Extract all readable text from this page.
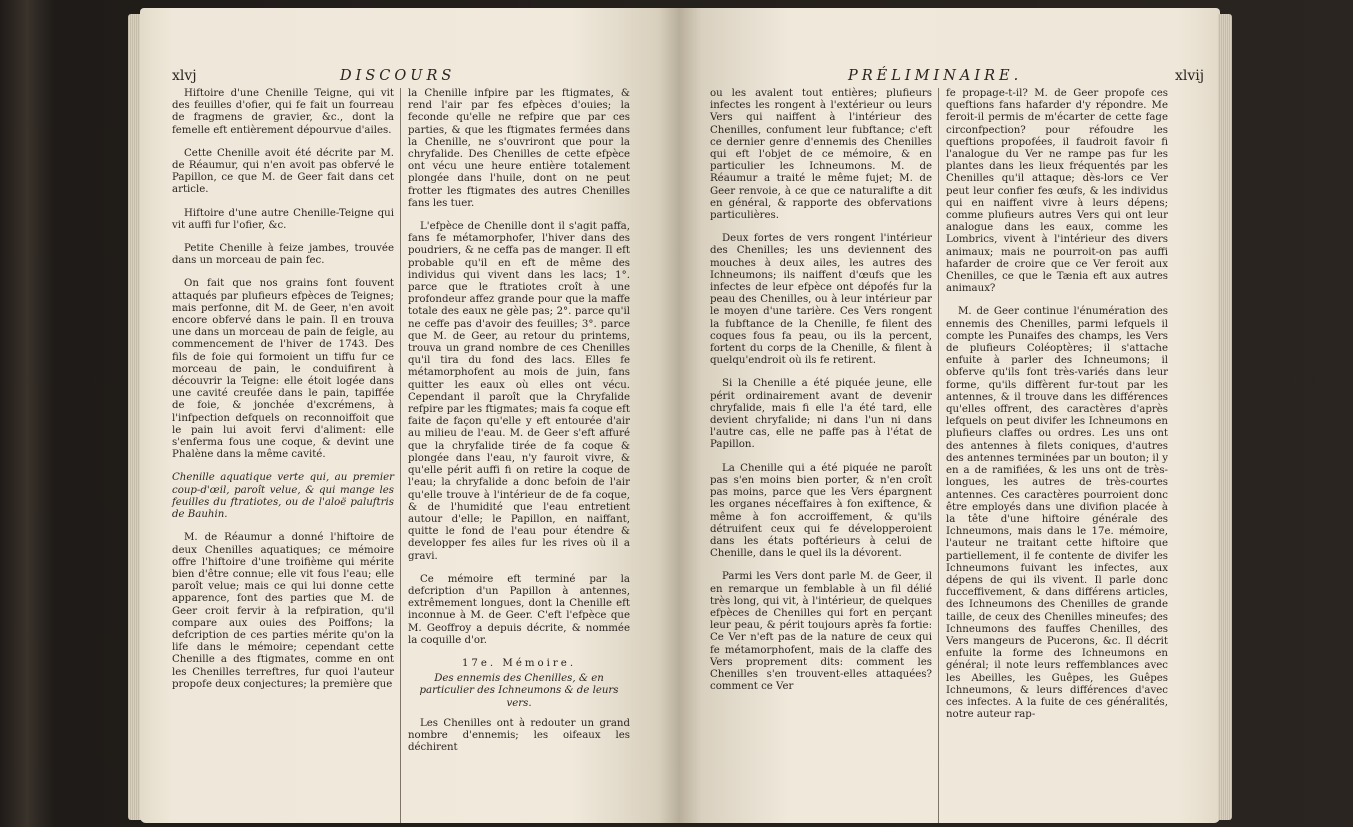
xlvj	DISCOURS

Hiftoire d'une Chenille Teigne, qui vit des feuilles d'ofier, qui fe fait un fourreau de fragmens de gravier, &c., dont la femelle eft entièrement dépourvue d'ailes.

Cette Chenille avoit été décrite par M. de Réaumur, qui n'en avoit pas obfervé le Papillon, ce que M. de Geer fait dans cet article.

Hiftoire d'une autre Chenille-Teigne qui vit auffi fur l'ofier, &c.

Petite Chenille à feize jambes, trouvée dans un morceau de pain fec.

On fait que nos grains font fouvent attaqués par plufieurs efpèces de Teignes; mais perfonne, dit M. de Geer, n'en avoit encore obfervé dans le pain. Il en trouva une dans un morceau de pain de feigle, au commencement de l'hiver de 1743. Des fils de foie qui formoient un tiffu fur ce morceau de pain, le conduifirent à découvrir la Teigne: elle étoit logée dans une cavité creufée dans le pain, tapiffée de foie, & jonchée d'excrémens, à l'infpection defquels on reconnoiffoit que le pain lui avoit fervi d'aliment: elle s'enferma fous une coque, & devint une Phalène dans la même cavité.

Chenille aquatique verte qui, au premier coup-d'œil, paroît velue, & qui mange les feuilles du ftratiotes, ou de l'aloë paluftris de Bauhin.

M. de Réaumur a donné l'hiftoire de deux Chenilles aquatiques; ce mémoire offre l'hiftoire d'une troifième qui mérite bien d'être connue; elle vit fous l'eau; elle paroît velue; mais ce qui lui donne cette apparence, font des parties que M. de Geer croit fervir à la refpiration, qu'il compare aux ouies des Poiffons; la defcription de ces parties mérite qu'on la life dans le mémoire; cependant cette Chenille a des ftigmates, comme en ont les Chenilles terreftres, fur quoi l'auteur propofe deux conjectures; la première que

la Chenille infpire par les ftigmates, & rend l'air par fes efpèces d'ouies; la feconde qu'elle ne refpire que par ces parties, & que les ftigmates fermées dans la Chenille, ne s'ouvriront que pour la chryfalide. Des Chenilles de cette efpèce ont vécu une heure entière totalement plongée dans l'huile, dont on ne peut frotter les ftigmates des autres Chenilles fans les tuer.

L'efpèce de Chenille dont il s'agit paffa, fans fe métamorphofer, l'hiver dans des poudriers, & ne ceffa pas de manger. Il eft probable qu'il en eft de même des individus qui vivent dans les lacs; 1°. parce que le ftratiotes croît à une profondeur affez grande pour que la maffe totale des eaux ne gèle pas; 2°. parce qu'il ne ceffe pas d'avoir des feuilles; 3°. parce que M. de Geer, au retour du printems, trouva un grand nombre de ces Chenilles qu'il tira du fond des lacs. Elles fe métamorphofent au mois de juin, fans quitter les eaux où elles ont vécu. Cependant il paroît que la Chryfalide refpire par les ftigmates; mais fa coque eft faite de façon qu'elle y eft entourée d'air au milieu de l'eau. M. de Geer s'eft affuré que la chryfalide tirée de fa coque & plongée dans l'eau, n'y fauroit vivre, & qu'elle périt auffi fi on retire la coque de l'eau; la chryfalide a donc befoin de l'air qu'elle trouve à l'intérieur de de fa coque, & de l'humidité que l'eau entretient autour d'elle; le Papillon, en naiffant, quitte le fond de l'eau pour étendre & developper fes ailes fur les rives où il a gravi.

Ce mémoire eft terminé par la defcription d'un Papillon à antennes, extrêmement longues, dont la Chenille eft inconnue à M. de Geer. C'eft l'efpèce que M. Geoffroy a depuis décrite, & nommée la coquille d'or.

17e. Mémoire.

Des ennemis des Chenilles, & en particulier des Ichneumons & de leurs vers.

Les Chenilles ont à redouter un grand nombre d'ennemis; les oifeaux les déchirent

PRÉLIMINAIRE.	xlvij

ou les avalent tout entières; plufieurs infectes les rongent à l'extérieur ou leurs Vers qui naiffent à l'intérieur des Chenilles, confument leur fubftance; c'eft ce dernier genre d'ennemis des Chenilles qui eft l'objet de ce mémoire, & en particulier les Ichneumons. M. de Réaumur a traité le même fujet; M. de Geer renvoie, à ce que ce naturalifte a dit en général, & rapporte des obfervations particulières.

Deux fortes de vers rongent l'intérieur des Chenilles; les uns deviennent des mouches à deux ailes, les autres des Ichneumons; ils naiffent d'œufs que les infectes de leur efpèce ont dépofés fur la peau des Chenilles, ou à leur intérieur par le moyen d'une tarière. Ces Vers rongent la fubftance de la Chenille, fe filent des coques fous fa peau, ou ils la percent, fortent du corps de la Chenille, & filent à quelqu'endroit où ils fe retirent.

Si la Chenille a été piquée jeune, elle périt ordinairement avant de devenir chryfalide, mais fi elle l'a été tard, elle devient chryfalide; ni dans l'un ni dans l'autre cas, elle ne paffe pas à l'état de Papillon.

La Chenille qui a été piquée ne paroît pas s'en moins bien porter, & n'en croît pas moins, parce que les Vers épargnent les organes néceffaires à fon exiftence, & même à fon accroiffement, & qu'ils détruifent ceux qui fe développeroient dans les états poftérieurs à celui de Chenille, dans le quel ils la dévorent.

Parmi les Vers dont parle M. de Geer, il en remarque un femblable à un fil délié très long, qui vit, à l'intérieur, de quelques efpèces de Chenilles qui fort en perçant leur peau, & périt toujours après fa fortie: Ce Ver n'eft pas de la nature de ceux qui fe métamorphofent, mais de la claffe des Vers proprement dits: comment les Chenilles s'en trouvent-elles attaquées? comment ce Ver

fe propage-t-il? M. de Geer propofe ces queftions fans hafarder d'y répondre. Me feroit-il permis de m'écarter de cette fage circonfpection? pour réfoudre les queftions propofées, il faudroit favoir fi l'analogue du Ver ne rampe pas fur les plantes dans les lieux fréquentés par les Chenilles qu'il attaque; dès-lors ce Ver peut leur confier fes œufs, & les individus qui en naiffent vivre à leurs dépens; comme plufieurs autres Vers qui ont leur analogue dans les eaux, comme les Lombrics, vivent à l'intérieur des divers animaux; mais ne pourroit-on pas auffi hafarder de croire que ce Ver feroit aux Chenilles, ce que le Tænia eft aux autres animaux?

M. de Geer continue l'énumération des ennemis des Chenilles, parmi lefquels il compte les Punaifes des champs, les Vers de plufieurs Coléoptères; il s'attache enfuite à parler des Ichneumons; il obferve qu'ils font très-variés dans leur forme, qu'ils diffèrent fur-tout par les antennes, & il trouve dans les différences qu'elles offrent, des caractères d'après lefquels on peut divifer les Ichneumons en plufieurs claffes ou ordres. Les uns ont des antennes à filets coniques, d'autres des antennes terminées par un bouton; il y en a de ramifiées, & les uns ont de très-longues, les autres de très-courtes antennes. Ces caractères pourroient donc être employés dans une divifion placée à la tête d'une hiftoire générale des Ichneumons, mais dans le 17e. mémoire, l'auteur ne traitant cette hiftoire que partiellement, il fe contente de divifer les Ichneumons fuivant les infectes, aux dépens de qui ils vivent. Il parle donc fucceffivement, & dans différens articles, des Ichneumons des Chenilles de grande taille, de ceux des Chenilles mineufes; des Ichneumons des fauffes Chenilles, des Vers mangeurs de Pucerons, &c. Il décrit enfuite la forme des Ichneumons en général; il note leurs reffemblances avec les Abeilles, les Guêpes, les Guêpes Ichneumons, & leurs différences d'avec ces infectes. A la fuite de ces généralités, notre auteur rap-
